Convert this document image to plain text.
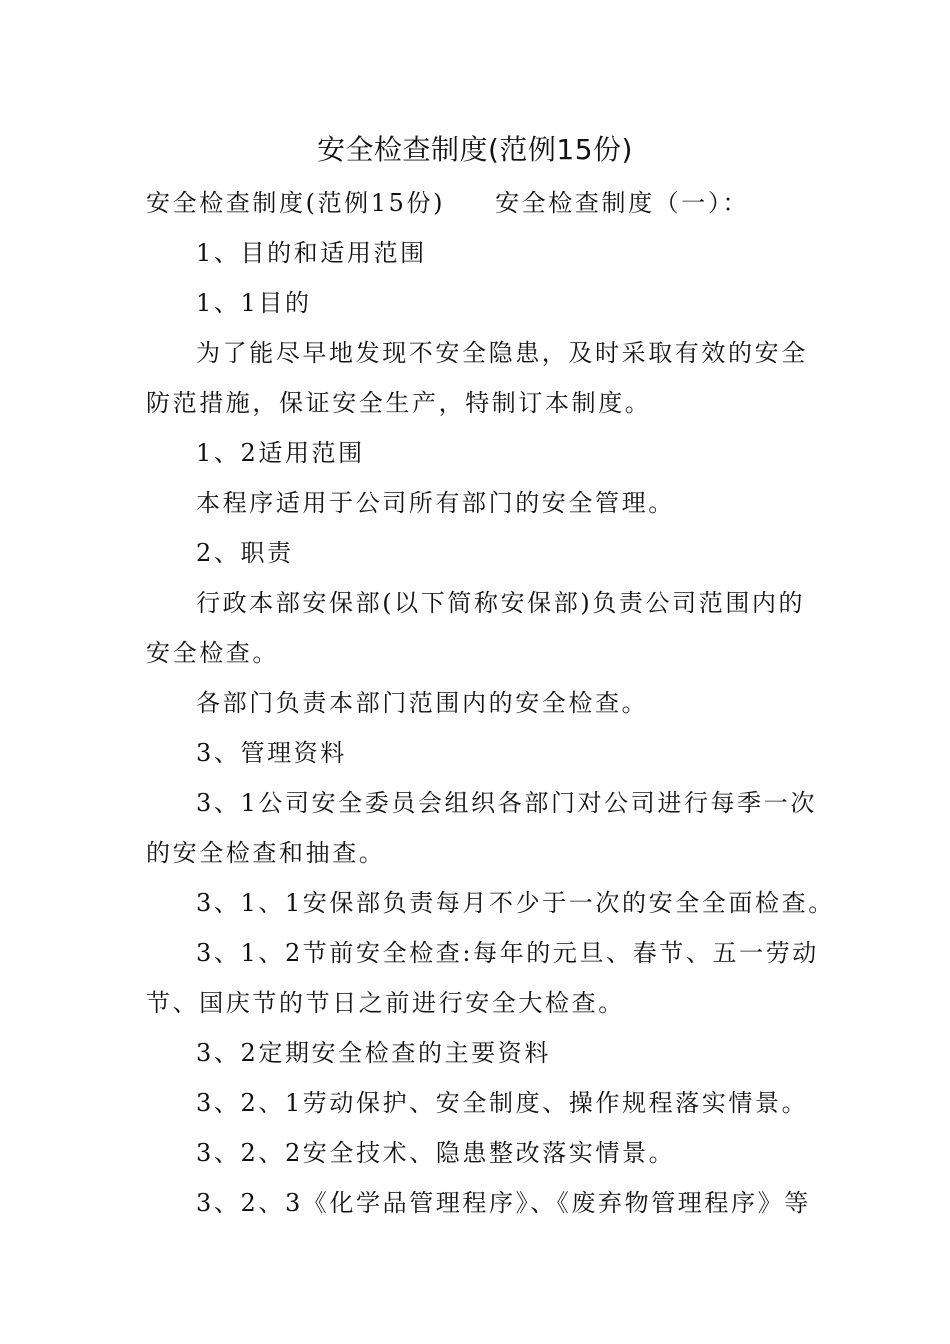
安全检查制度(范例15份)
安全检查制度(范例15份) 安全检查制度（一）：
1、目的和适用范围
1、1目的
为了能尽早地发现不安全隐患，及时采取有效的安全
防范措施，保证安全生产，特制订本制度。
1、2适用范围
本程序适用于公司所有部门的安全管理。
2、职责
行政本部安保部(以下简称安保部)负责公司范围内的
安全检查。
各部门负责本部门范围内的安全检查。
3、管理资料
3、1公司安全委员会组织各部门对公司进行每季一次
的安全检查和抽查。
3、1、1安保部负责每月不少于一次的安全全面检查。
3、1、2节前安全检查:每年的元旦、春节、五一劳动
节、国庆节的节日之前进行安全大检查。
3、2定期安全检查的主要资料
3、2、1劳动保护、安全制度、操作规程落实情景。
3、2、2安全技术、隐患整改落实情景。
3、2、3《化学品管理程序》、《废弃物管理程序》等
